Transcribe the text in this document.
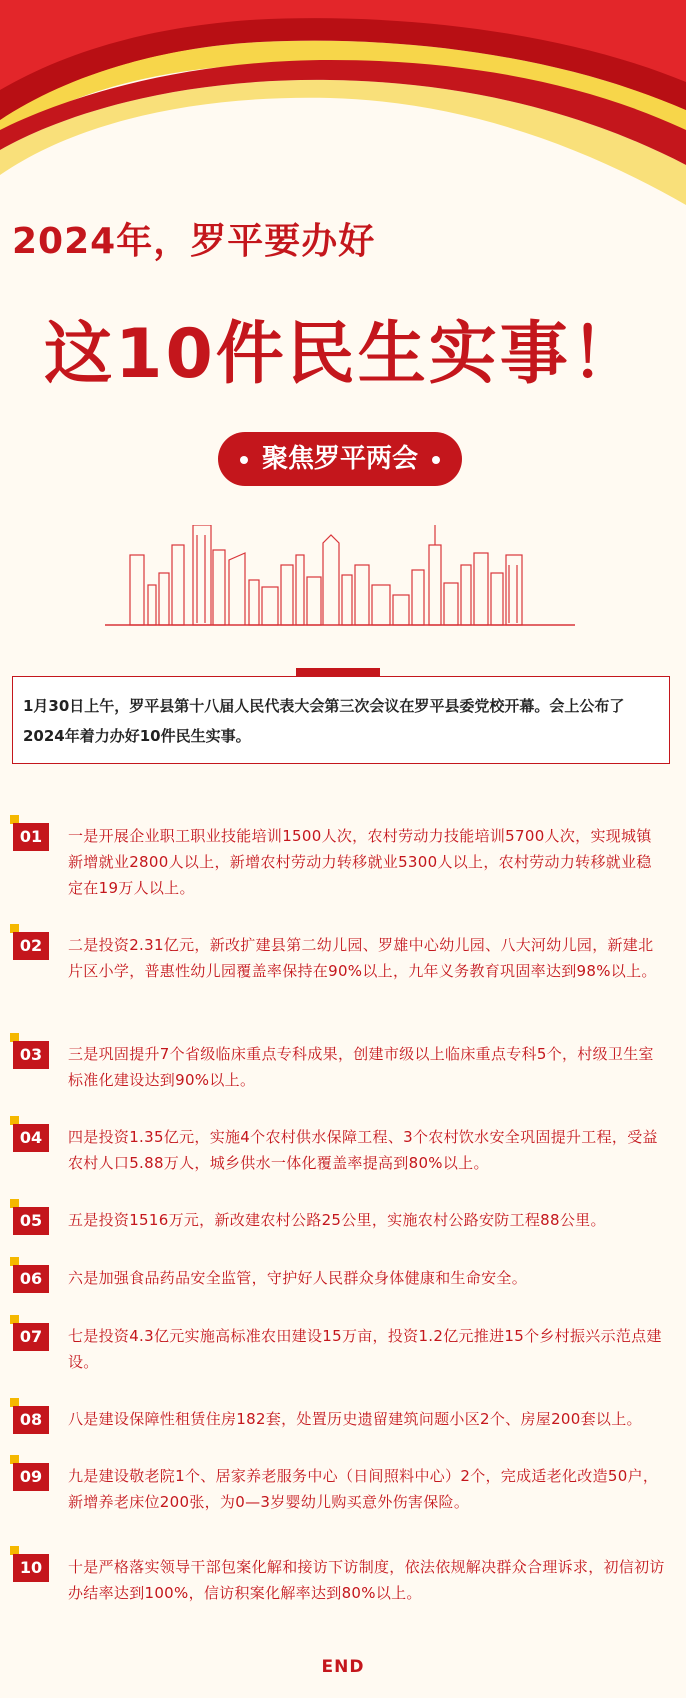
2024年，罗平要办好
这10件民生实事！
聚焦罗平两会
1月30日上午，罗平县第十八届人民代表大会第三次会议在罗平县委党校开幕。会上公布了2024年着力办好10件民生实事。
01	一是开展企业职工职业技能培训1500人次，农村劳动力技能培训5700人次，实现城镇新增就业2800人以上，新增农村劳动力转移就业5300人以上，农村劳动力转移就业稳定在19万人以上。
02	二是投资2.31亿元，新改扩建县第二幼儿园、罗雄中心幼儿园、八大河幼儿园，新建北片区小学，普惠性幼儿园覆盖率保持在90%以上，九年义务教育巩固率达到98%以上。
03	三是巩固提升7个省级临床重点专科成果，创建市级以上临床重点专科5个，村级卫生室标准化建设达到90%以上。
04	四是投资1.35亿元，实施4个农村供水保障工程、3个农村饮水安全巩固提升工程，受益农村人口5.88万人，城乡供水一体化覆盖率提高到80%以上。
05	五是投资1516万元，新改建农村公路25公里，实施农村公路安防工程88公里。
06	六是加强食品药品安全监管，守护好人民群众身体健康和生命安全。
07	七是投资4.3亿元实施高标准农田建设15万亩，投资1.2亿元推进15个乡村振兴示范点建设。
08	八是建设保障性租赁住房182套，处置历史遗留建筑问题小区2个、房屋200套以上。
09	九是建设敬老院1个、居家养老服务中心（日间照料中心）2个，完成适老化改造50户，新增养老床位200张，为0—3岁婴幼儿购买意外伤害保险。
10	十是严格落实领导干部包案化解和接访下访制度，依法依规解决群众合理诉求，初信初访办结率达到100%，信访积案化解率达到80%以上。
END
